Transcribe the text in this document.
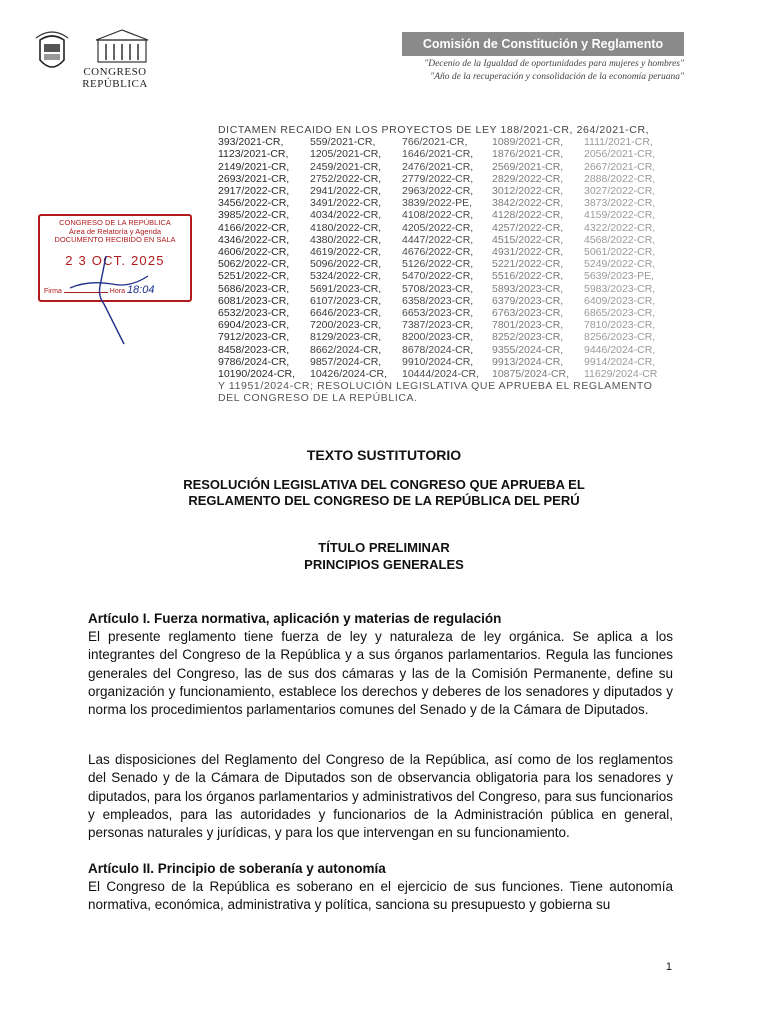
CONGRESO
REPÚBLICA
Comisión de Constitución y Reglamento
"Decenio de la Igualdad de oportunidades para mujeres y hombres"
"Año de la recuperación y consolidación de la economía peruana"
DICTAMEN RECAIDO EN LOS PROYECTOS DE LEY 188/2021-CR, 264/2021-CR,
393/2021-CR,	559/2021-CR,	766/2021-CR,	1089/2021-CR,	1111/2021-CR,
1123/2021-CR,	1205/2021-CR,	1646/2021-CR,	1876/2021-CR,	2056/2021-CR,
2149/2021-CR,	2459/2021-CR,	2476/2021-CR,	2569/2021-CR,	2667/2021-CR,
2693/2021-CR,	2752/2022-CR,	2779/2022-CR,	2829/2022-CR,	2888/2022-CR,
2917/2022-CR,	2941/2022-CR,	2963/2022-CR,	3012/2022-CR,	3027/2022-CR,
3456/2022-CR,	3491/2022-CR,	3839/2022-PE,	3842/2022-CR,	3873/2022-CR,
3985/2022-CR,	4034/2022-CR,	4108/2022-CR,	4128/2022-CR,	4159/2022-CR,
4166/2022-CR,	4180/2022-CR,	4205/2022-CR,	4257/2022-CR,	4322/2022-CR,
4346/2022-CR,	4380/2022-CR,	4447/2022-CR,	4515/2022-CR,	4568/2022-CR,
4606/2022-CR,	4619/2022-CR,	4676/2022-CR,	4931/2022-CR,	5061/2022-CR,
5062/2022-CR,	5096/2022-CR,	5126/2022-CR,	5221/2022-CR,	5249/2022-CR,
5251/2022-CR,	5324/2022-CR,	5470/2022-CR,	5516/2022-CR,	5639/2023-PE,
5686/2023-CR,	5691/2023-CR,	5708/2023-CR,	5893/2023-CR,	5983/2023-CR,
6081/2023-CR,	6107/2023-CR,	6358/2023-CR,	6379/2023-CR,	6409/2023-CR,
6532/2023-CR,	6646/2023-CR,	6653/2023-CR,	6763/2023-CR,	6865/2023-CR,
6904/2023-CR,	7200/2023-CR,	7387/2023-CR,	7801/2023-CR,	7810/2023-CR,
7912/2023-CR,	8129/2023-CR,	8200/2023-CR,	8252/2023-CR,	8256/2023-CR,
8458/2023-CR,	8662/2024-CR,	8678/2024-CR,	9355/2024-CR,	9446/2024-CR,
9786/2024-CR,	9857/2024-CR,	9910/2024-CR,	9913/2024-CR,	9914/2024-CR,
10190/2024-CR,	10426/2024-CR,	10444/2024-CR,	10875/2024-CR,	11629/2024-CR
Y 11951/2024-CR; RESOLUCIÓN LEGISLATIVA QUE APRUEBA EL REGLAMENTO
DEL CONGRESO DE LA REPÚBLICA.
CONGRESO DE LA REPÚBLICA
Área de Relatoría y Agenda
DOCUMENTO RECIBIDO EN SALA
2 3 OCT. 2025
Firma	Hora 18:04
TEXTO SUSTITUTORIO
RESOLUCIÓN LEGISLATIVA DEL CONGRESO QUE APRUEBA EL
REGLAMENTO DEL CONGRESO DE LA REPÚBLICA DEL PERÚ
TÍTULO PRELIMINAR
PRINCIPIOS GENERALES
Artículo I. Fuerza normativa, aplicación y materias de regulación
El presente reglamento tiene fuerza de ley y naturaleza de ley orgánica. Se aplica a los integrantes del Congreso de la República y a sus órganos parlamentarios. Regula las funciones generales del Congreso, las de sus dos cámaras y las de la Comisión Permanente, define su organización y funcionamiento, establece los derechos y deberes de los senadores y diputados y norma los procedimientos parlamentarios comunes del Senado y de la Cámara de Diputados.
Las disposiciones del Reglamento del Congreso de la República, así como de los reglamentos del Senado y de la Cámara de Diputados son de observancia obligatoria para los senadores y diputados, para los órganos parlamentarios y administrativos del Congreso, para sus funcionarios y empleados, para las autoridades y funcionarios de la Administración pública en general, personas naturales y jurídicas, y para los que intervengan en su funcionamiento.
Artículo II. Principio de soberanía y autonomía
El Congreso de la República es soberano en el ejercicio de sus funciones. Tiene autonomía normativa, económica, administrativa y política, sanciona su presupuesto y gobierna su
1
